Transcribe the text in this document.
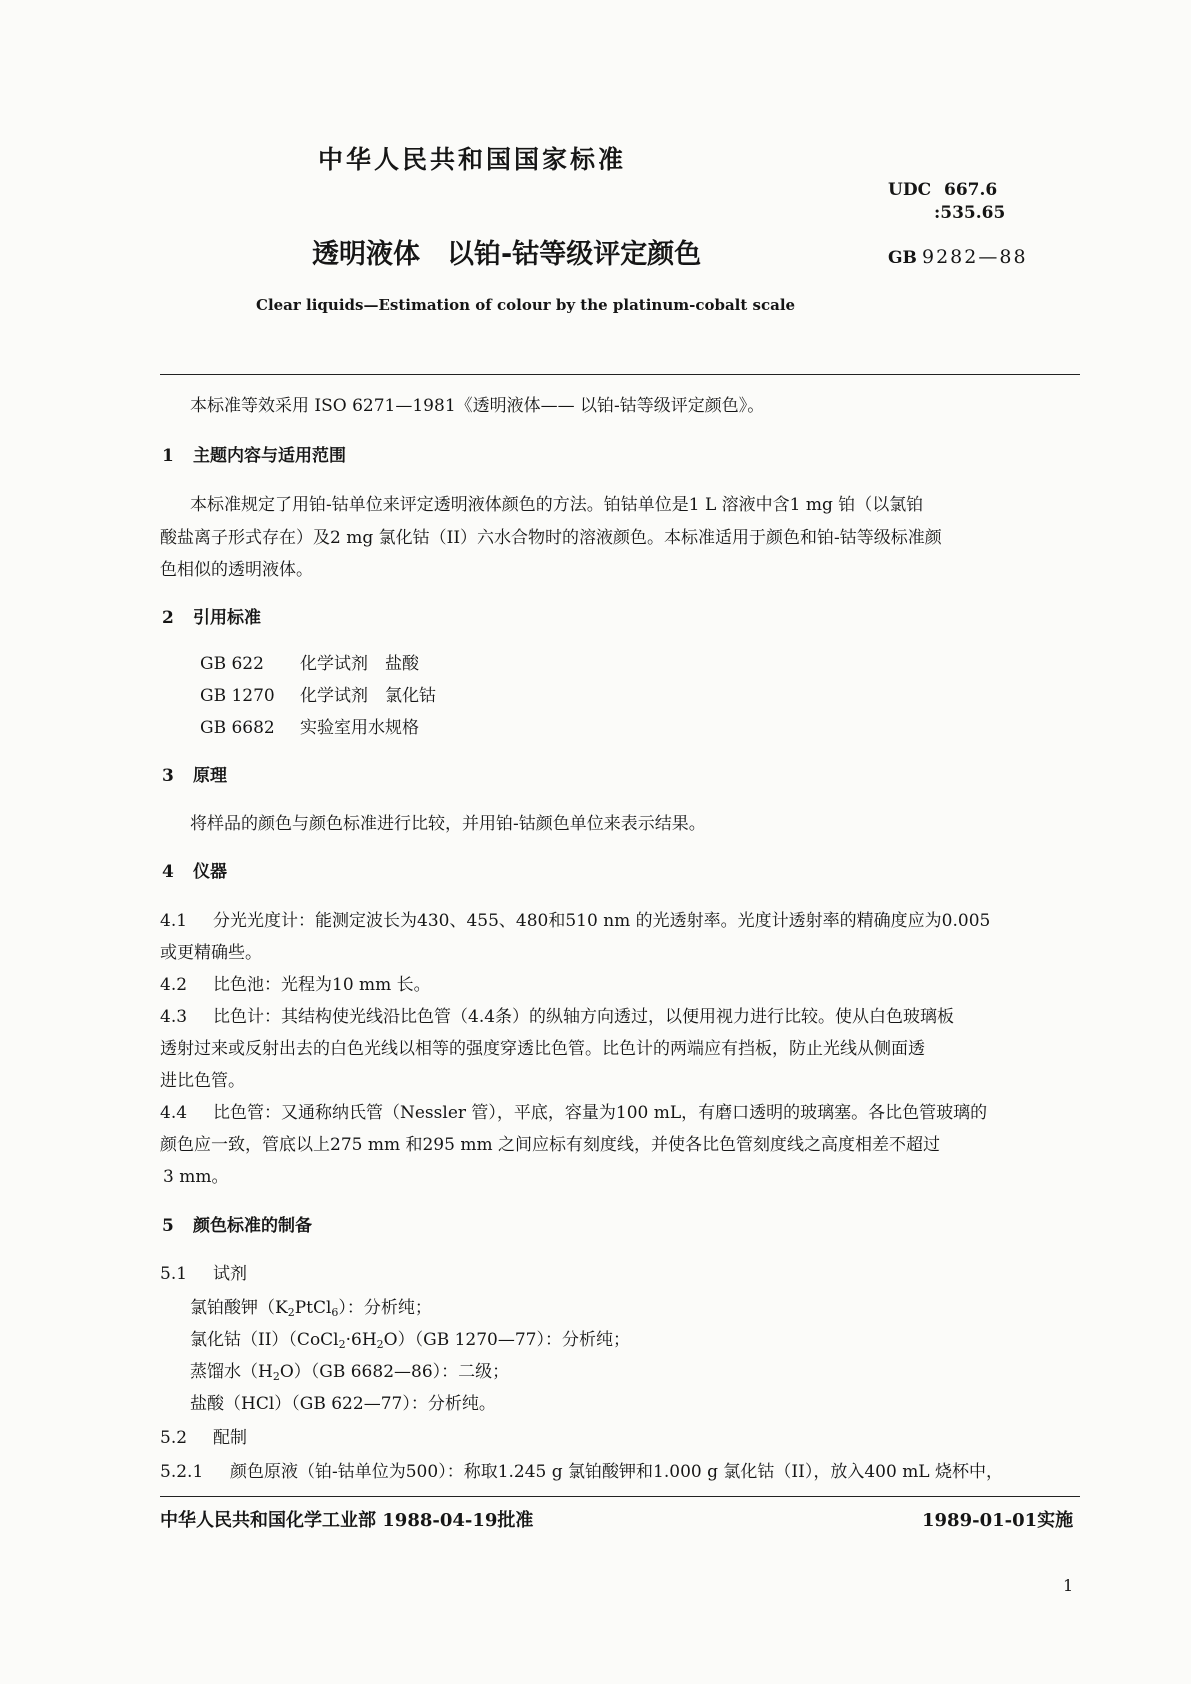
中华人民共和国国家标准
UDC 667.6
:535.65
透明液体　以铂-钴等级评定颜色	GB 9282—88
Clear liquids—Estimation of colour by the platinum-cobalt scale
本标准等效采用 ISO 6271—1981《透明液体—— 以铂-钴等级评定颜色》。
1 主题内容与适用范围
本标准规定了用铂-钴单位来评定透明液体颜色的方法。铂钴单位是1 L 溶液中含1 mg 铂（以氯铂
酸盐离子形式存在）及2 mg 氯化钴（II）六水合物时的溶液颜色。本标准适用于颜色和铂-钴等级标准颜
色相似的透明液体。
2 引用标准
GB 622 化学试剂　盐酸
GB 1270 化学试剂　氯化钴
GB 6682 实验室用水规格
3 原理
将样品的颜色与颜色标准进行比较，并用铂-钴颜色单位来表示结果。
4 仪器
4.1 分光光度计：能测定波长为430、455、480和510 nm 的光透射率。光度计透射率的精确度应为0.005
或更精确些。
4.2 比色池：光程为10 mm 长。
4.3 比色计：其结构使光线沿比色管（4.4条）的纵轴方向透过，以便用视力进行比较。使从白色玻璃板
透射过来或反射出去的白色光线以相等的强度穿透比色管。比色计的两端应有挡板，防止光线从侧面透
进比色管。
4.4 比色管：又通称纳氏管（Nessler 管），平底，容量为100 mL，有磨口透明的玻璃塞。各比色管玻璃的
颜色应一致，管底以上275 mm 和295 mm 之间应标有刻度线，并使各比色管刻度线之高度相差不超过
3 mm。
5 颜色标准的制备
5.1 试剂
氯铂酸钾$(K_2PtCl_6)$：分析纯；
氯化钴$(II)(CoCl_2\cdot 6H_2O)(GB$ 1270—77）：分析纯；
蒸馏水$(H_2O)(GB$ 6682—86）：二级；
盐酸（HCl）（GB 622—77）：分析纯。
5.2 配制
5.2.1 颜色原液（铂-钴单位为500）：称取1.245 g 氯铂酸钾和1.000 g 氯化钴（II），放入400 mL 烧杯中，
中华人民共和国化学工业部 1988-04-19批准	1989-01-01实施
1
